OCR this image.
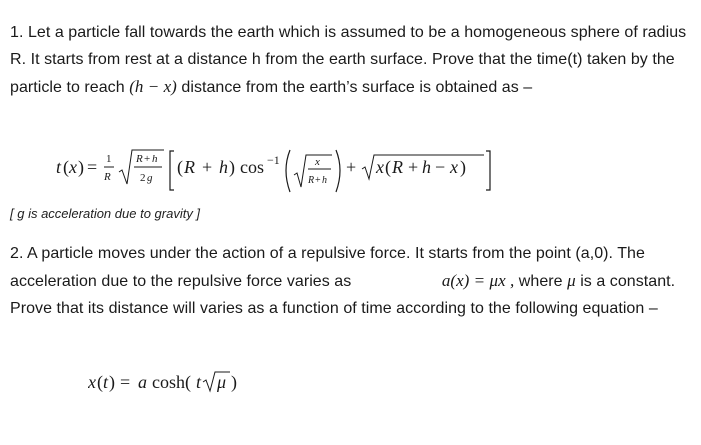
1. Let a particle fall towards the earth which is assumed to be a homogeneous sphere of radius R. It starts from rest at a distance h from the earth surface. Prove that the time(t) taken by the particle to reach (h − x) distance from the earth’s surface is obtained as –
t ( x ) = 1
R
R + h
2 g
( R + h ) cos −1	x
R + h
+ x ( R + h − x )
[ g is acceleration due to gravity ]
2. A particle moves under the action of a repulsive force. It starts from the point (a,0). The acceleration due to the repulsive force varies as	a(x) = μx , where μ is a constant. Prove that its distance will varies as a function of time according to the following equation –
x ( t ) = a cosh( t μ )
